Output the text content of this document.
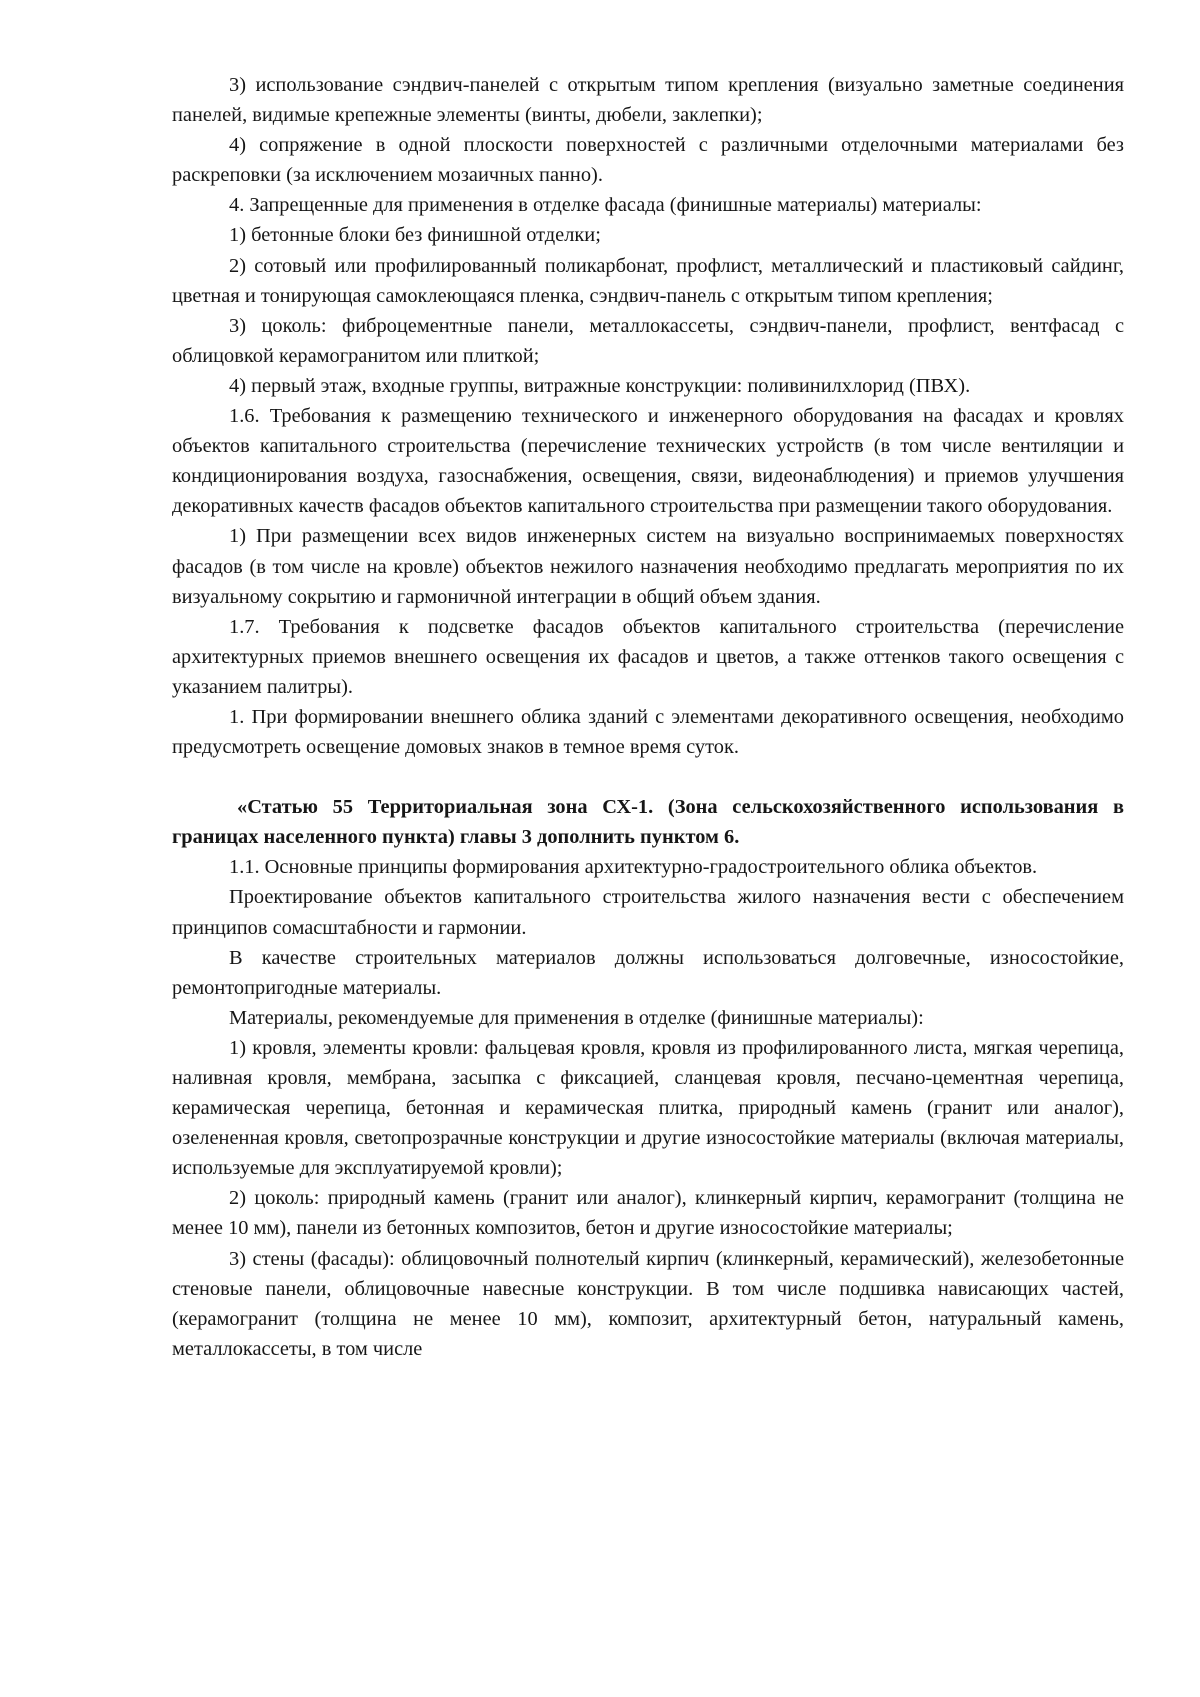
3) использование сэндвич-панелей с открытым типом крепления (визуально заметные соединения панелей, видимые крепежные элементы (винты, дюбели, заклепки);

4) сопряжение в одной плоскости поверхностей с различными отделочными материалами без раскреповки (за исключением мозаичных панно).

4. Запрещенные для применения в отделке фасада (финишные материалы) материалы:

1) бетонные блоки без финишной отделки;

2) сотовый или профилированный поликарбонат, профлист, металлический и пластиковый сайдинг, цветная и тонирующая самоклеющаяся пленка, сэндвич-панель с открытым типом крепления;

3) цоколь: фиброцементные панели, металлокассеты, сэндвич-панели, профлист, вентфасад с облицовкой керамогранитом или плиткой;

4) первый этаж, входные группы, витражные конструкции: поливинилхлорид (ПВХ).

1.6. Требования к размещению технического и инженерного оборудования на фасадах и кровлях объектов капитального строительства (перечисление технических устройств (в том числе вентиляции и кондиционирования воздуха, газоснабжения, освещения, связи, видеонаблюдения) и приемов улучшения декоративных качеств фасадов объектов капитального строительства при размещении такого оборудования.

1) При размещении всех видов инженерных систем на визуально воспринимаемых поверхностях фасадов (в том числе на кровле) объектов нежилого назначения необходимо предлагать мероприятия по их визуальному сокрытию и гармоничной интеграции в общий объем здания.

1.7. Требования к подсветке фасадов объектов капитального строительства (перечисление архитектурных приемов внешнего освещения их фасадов и цветов, а также оттенков такого освещения с указанием палитры).

1. При формировании внешнего облика зданий с элементами декоративного освещения, необходимо предусмотреть освещение домовых знаков в темное время суток.

«Статью 55 Территориальная зона СХ-1. (Зона сельскохозяйственного использования в границах населенного пункта) главы 3 дополнить пунктом 6.

1.1. Основные принципы формирования архитектурно-градостроительного облика объектов.

Проектирование объектов капитального строительства жилого назначения вести с обеспечением принципов сомасштабности и гармонии.

В качестве строительных материалов должны использоваться долговечные, износостойкие, ремонтопригодные материалы.

Материалы, рекомендуемые для применения в отделке (финишные материалы):

1) кровля, элементы кровли: фальцевая кровля, кровля из профилированного листа, мягкая черепица, наливная кровля, мембрана, засыпка с фиксацией, сланцевая кровля, песчано-цементная черепица, керамическая черепица, бетонная и керамическая плитка, природный камень (гранит или аналог), озелененная кровля, светопрозрачные конструкции и другие износостойкие материалы (включая материалы, используемые для эксплуатируемой кровли);

2) цоколь: природный камень (гранит или аналог), клинкерный кирпич, керамогранит (толщина не менее 10 мм), панели из бетонных композитов, бетон и другие износостойкие материалы;

3) стены (фасады): облицовочный полнотелый кирпич (клинкерный, керамический), железобетонные стеновые панели, облицовочные навесные конструкции. В том числе подшивка нависающих частей, (керамогранит (толщина не менее 10 мм), композит, архитектурный бетон, натуральный камень, металлокассеты, в том числе
